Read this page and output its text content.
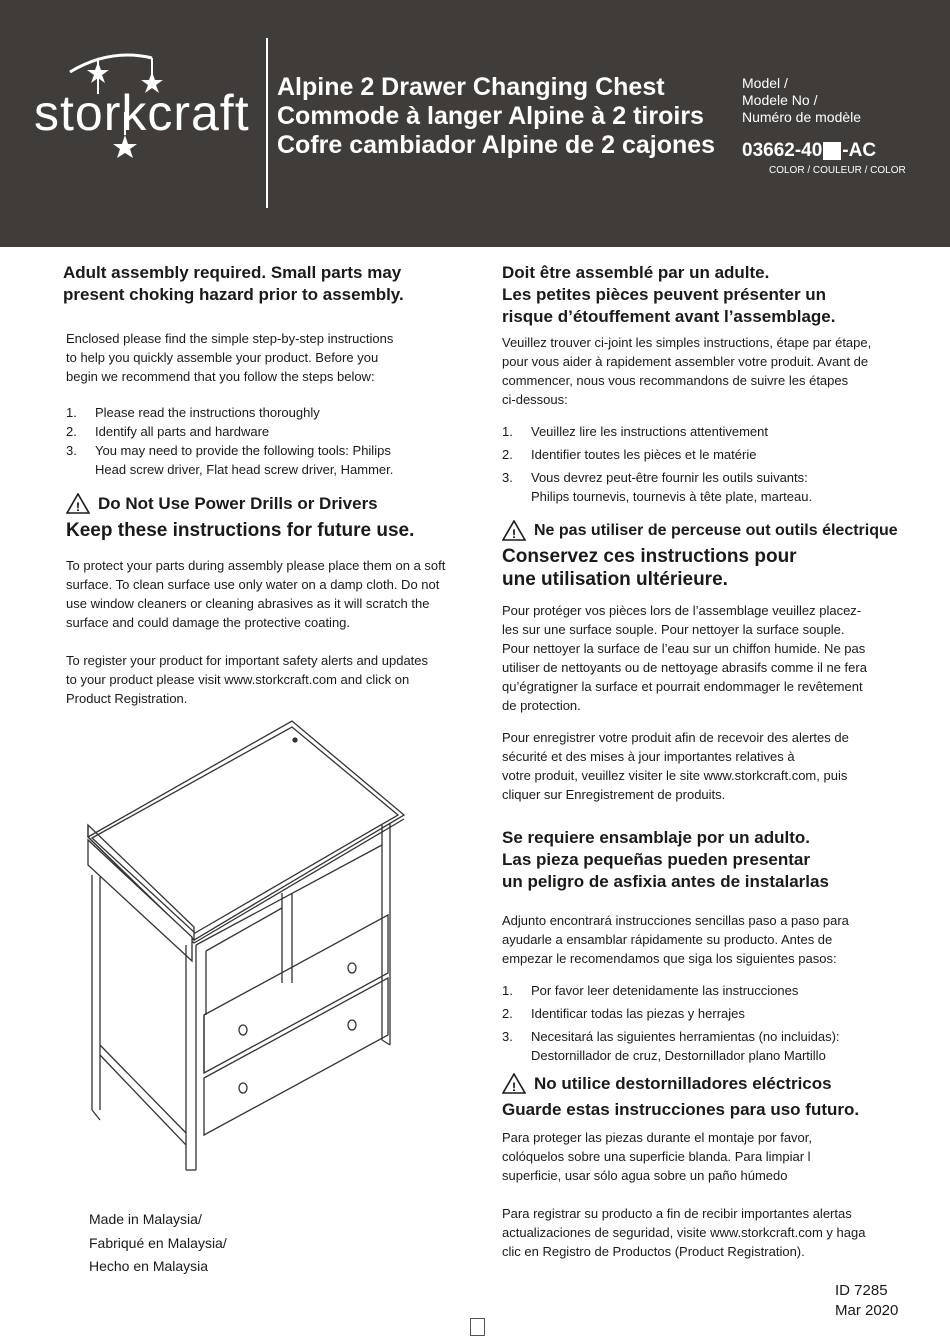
storkcraft Alpine 2 Drawer Changing Chest
Commode à langer Alpine à 2 tiroirs
Cofre cambiador Alpine de 2 cajones
Model /
Modele No /
Numéro de modèle
03662-40 -AC
COLOR / COULEUR / COLOR
Adult assembly required. Small parts may
present choking hazard prior to assembly.
Enclosed please find the simple step-by-step instructions
to help you quickly assemble your product. Before you
begin we recommend that you follow the steps below:
1.	Please read the instructions thoroughly
2.	Identify all parts and hardware
3.	You may need to provide the following tools: Philips
Head screw driver, Flat head screw driver, Hammer.
! Do Not Use Power Drills or Drivers
Keep these instructions for future use.
To protect your parts during assembly please place them on a soft
surface. To clean surface use only water on a damp cloth. Do not
use window cleaners or cleaning abrasives as it will scratch the
surface and could damage the protective coating.
To register your product for important safety alerts and updates
to your product please visit www.storkcraft.com and click on
Product Registration.
Made in Malaysia/
Fabriqué en Malaysia/
Hecho en Malaysia
Doit être assemblé par un adulte.
Les petites pièces peuvent présenter un
risque d’étouffement avant l’assemblage.
Veuillez trouver ci-joint les simples instructions, étape par étape,
pour vous aider à rapidement assembler votre produit. Avant de
commencer, nous vous recommandons de suivre les étapes
ci-dessous:
1.	Veuillez lire les instructions attentivement
2.	Identifier toutes les pièces et le matérie
3.	Vous devrez peut-être fournir les outils suivants:
Philips tournevis, tournevis à tête plate, marteau.
! Ne pas utiliser de perceuse out outils électrique
Conservez ces instructions pour
une utilisation ultérieure.
Pour protéger vos pièces lors de l’assemblage veuillez placez-
les sur une surface souple. Pour nettoyer la surface souple.
Pour nettoyer la surface de l’eau sur un chiffon humide. Ne pas
utiliser de nettoyants ou de nettoyage abrasifs comme il ne fera
qu’égratigner la surface et pourrait endommager le revêtement
de protection.
Pour enregistrer votre produit afin de recevoir des alertes de
sécurité et des mises à jour importantes relatives à
votre produit, veuillez visiter le site www.storkcraft.com, puis
cliquer sur Enregistrement de produits.
Se requiere ensamblaje por un adulto.
Las pieza pequeñas pueden presentar
un peligro de asfixia antes de instalarlas
Adjunto encontrará instrucciones sencillas paso a paso para
ayudarle a ensamblar rápidamente su producto. Antes de
empezar le recomendamos que siga los siguientes pasos:
1.	Por favor leer detenidamente las instrucciones
2.	Identificar todas las piezas y herrajes
3.	Necesitará las siguientes herramientas (no incluidas):
Destornillador de cruz, Destornillador plano Martillo
! No utilice destornilladores eléctricos
Guarde estas instrucciones para uso futuro.
Para proteger las piezas durante el montaje por favor,
colóquelos sobre una superficie blanda. Para limpiar l
superficie, usar sólo agua sobre un paño húmedo
Para registrar su producto a fin de recibir importantes alertas
actualizaciones de seguridad, visite www.storkcraft.com y haga
clic en Registro de Productos (Product Registration).
ID 7285
Mar 2020
